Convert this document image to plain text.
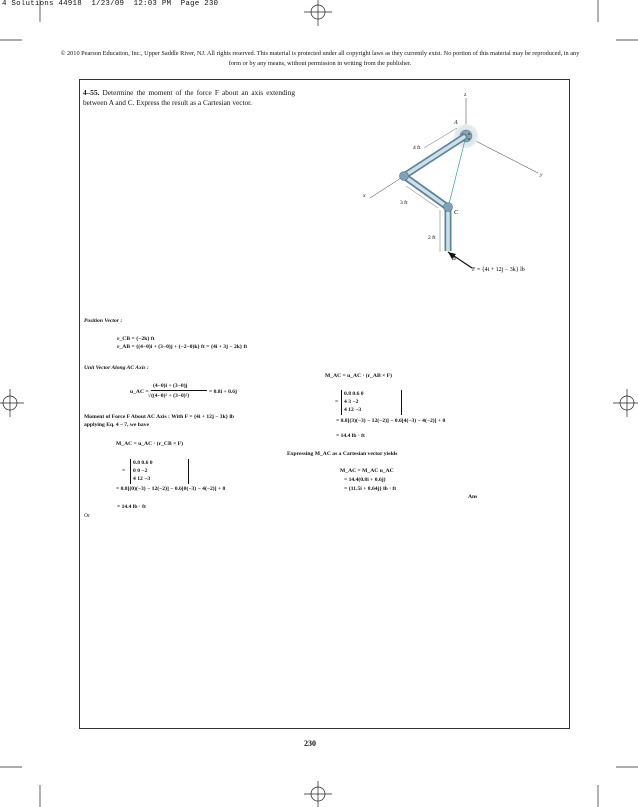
4 Solutions 44918  1/23/09  12:03 PM  Page 230
© 2010 Pearson Education, Inc., Upper Saddle River, NJ. All rights reserved. This material is protected under all copyright laws as they currently exist. No portion of this material may be reproduced, in any form or by any means, without permission in writing from the publisher.
4–55. Determine the moment of the force F about an axis extending between A and C. Express the result as a Cartesian vector.
z
y
x
A
B
C
4 ft
3 ft
2 ft
F = {4i + 12j − 3k} lb
Position Vector :
r_CB = {−2k} ft
r_AB = {(4−0)i + (3−0)j + (−2−0)k} ft = {4i + 3j − 2k} ft
Unit Vector Along AC Axis :
u_AC =
(4−0)i + (3−0)j
√((4−0)² + (3−0)²)
= 0.8i + 0.6j
Moment of Force F About AC Axis : With F = {4i + 12j − 3k} lb
applying Eq. 4 – 7, we have
M_AC = u_AC · (r_CB × F)
=
0.8 0.6 0
0 0 −2
4 12 −3
= 0.8[(0)(−3) − 12(−2)] − 0.6[0(−3) − 4(−2)] + 0
= 14.4 lb · ft
Or
M_AC = u_AC · (r_AB × F)
=
0.8 0.6 0
4 3 −2
4 12 −3
= 0.8[(3)(−3) − 12(−2)] − 0.6[4(−3) − 4(−2)] + 0
= 14.4 lb · ft
Expressing M_AC as a Cartesian vector yields
M_AC = M_AC u_AC
= 14.4(0.8i + 0.6j)
= {11.5i + 8.64j} lb · ft
Ans
230
